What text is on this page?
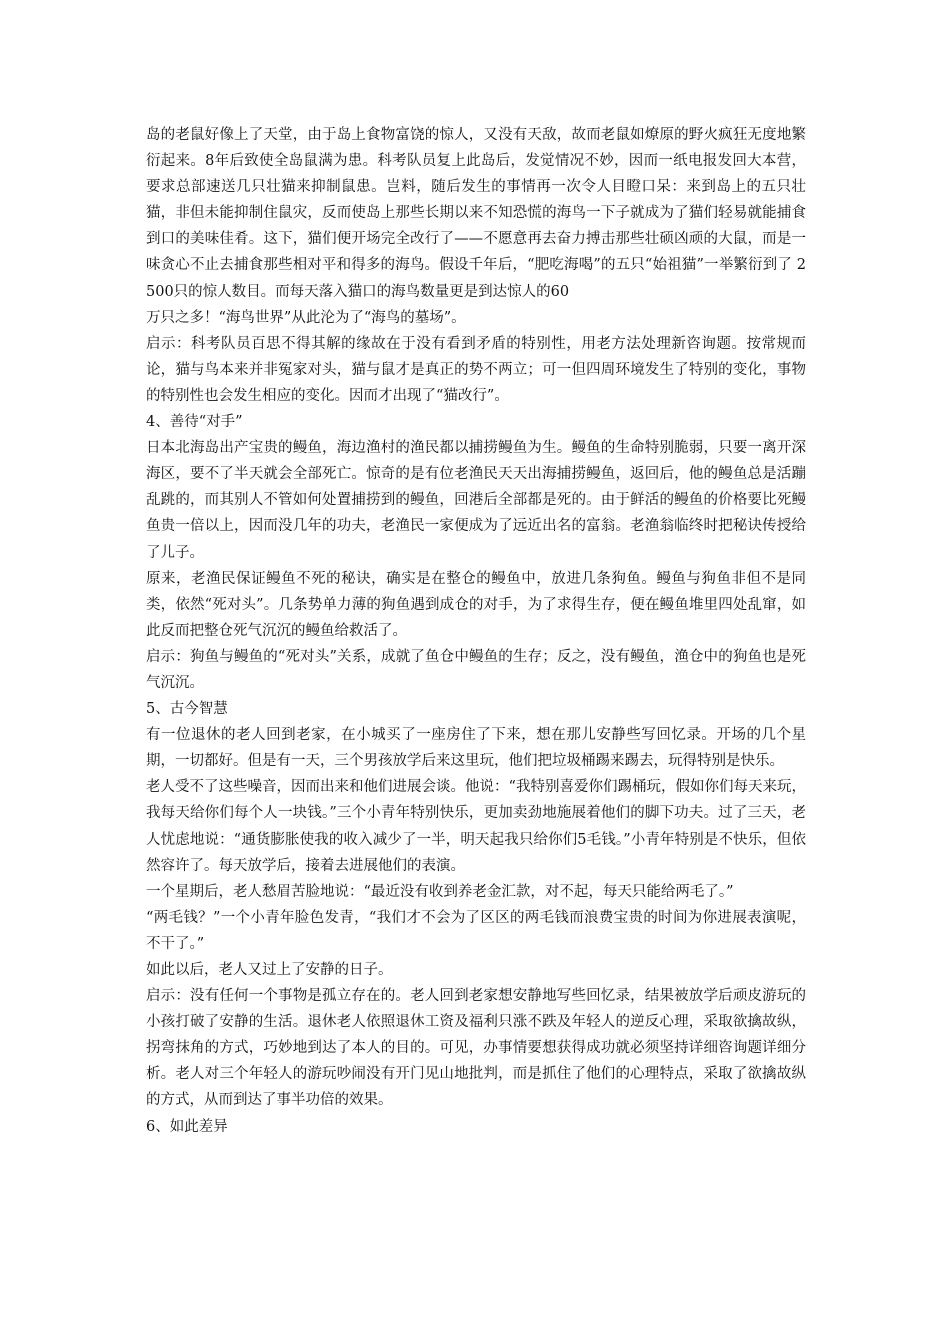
岛的老鼠好像上了天堂，由于岛上食物富饶的惊人，又没有天敌，故而老鼠如燎原的野火疯狂无度地繁衍起来。8年后致使全岛鼠满为患。科考队员复上此岛后，发觉情况不妙，因而一纸电报发回大本营，要求总部速送几只壮猫来抑制鼠患。岂料，随后发生的事情再一次令人目瞪口呆：来到岛上的五只壮猫，非但未能抑制住鼠灾，反而使岛上那些长期以来不知恐慌的海鸟一下子就成为了猫们轻易就能捕食到口的美味佳肴。这下，猫们便开场完全改行了——不愿意再去奋力搏击那些壮硕凶顽的大鼠，而是一味贪心不止去捕食那些相对平和得多的海鸟。假设千年后，“肥吃海喝”的五只“始祖猫”一举繁衍到了 2500只的惊人数目。而每天落入猫口的海鸟数量更是到达惊人的60

万只之多！“海鸟世界”从此沦为了“海鸟的墓场”。

启示：科考队员百思不得其解的缘故在于没有看到矛盾的特别性，用老方法处理新咨询题。按常规而论，猫与鸟本来并非冤家对头，猫与鼠才是真正的势不两立；可一但四周环境发生了特别的变化，事物的特别性也会发生相应的变化。因而才出现了“猫改行”。

4、善待“对手”

日本北海岛出产宝贵的鳗鱼，海边渔村的渔民都以捕捞鳗鱼为生。鳗鱼的生命特别脆弱，只要一离开深海区，要不了半天就会全部死亡。惊奇的是有位老渔民天天出海捕捞鳗鱼，返回后，他的鳗鱼总是活蹦乱跳的，而其别人不管如何处置捕捞到的鳗鱼，回港后全部都是死的。由于鲜活的鳗鱼的价格要比死鳗鱼贵一倍以上，因而没几年的功夫，老渔民一家便成为了远近出名的富翁。老渔翁临终时把秘诀传授给了儿子。

原来，老渔民保证鳗鱼不死的秘诀，确实是在整仓的鳗鱼中，放进几条狗鱼。鳗鱼与狗鱼非但不是同类，依然“死对头”。几条势单力薄的狗鱼遇到成仓的对手，为了求得生存，便在鳗鱼堆里四处乱窜，如此反而把整仓死气沉沉的鳗鱼给救活了。

启示：狗鱼与鳗鱼的“死对头”关系，成就了鱼仓中鳗鱼的生存；反之，没有鳗鱼，渔仓中的狗鱼也是死气沉沉。

5、古今智慧

有一位退休的老人回到老家，在小城买了一座房住了下来，想在那儿安静些写回忆录。开场的几个星期，一切都好。但是有一天，三个男孩放学后来这里玩，他们把垃圾桶踢来踢去，玩得特别是快乐。

老人受不了这些噪音，因而出来和他们进展会谈。他说：“我特别喜爱你们踢桶玩，假如你们每天来玩，我每天给你们每个人一块钱。”三个小青年特别快乐，更加卖劲地施展着他们的脚下功夫。过了三天，老人忧虑地说：“通货膨胀使我的收入减少了一半，明天起我只给你们5毛钱。”小青年特别是不快乐，但依然容许了。每天放学后，接着去进展他们的表演。

一个星期后，老人愁眉苦脸地说：“最近没有收到养老金汇款，对不起，每天只能给两毛了。”

“两毛钱？”一个小青年脸色发青，“我们才不会为了区区的两毛钱而浪费宝贵的时间为你进展表演呢，不干了。”

如此以后，老人又过上了安静的日子。

启示：没有任何一个事物是孤立存在的。老人回到老家想安静地写些回忆录，结果被放学后顽皮游玩的小孩打破了安静的生活。退休老人依照退休工资及福利只涨不跌及年轻人的逆反心理，采取欲擒故纵，拐弯抹角的方式，巧妙地到达了本人的目的。可见，办事情要想获得成功就必须坚持详细咨询题详细分析。老人对三个年轻人的游玩吵闹没有开门见山地批判，而是抓住了他们的心理特点，采取了欲擒故纵的方式，从而到达了事半功倍的效果。

6、如此差异
